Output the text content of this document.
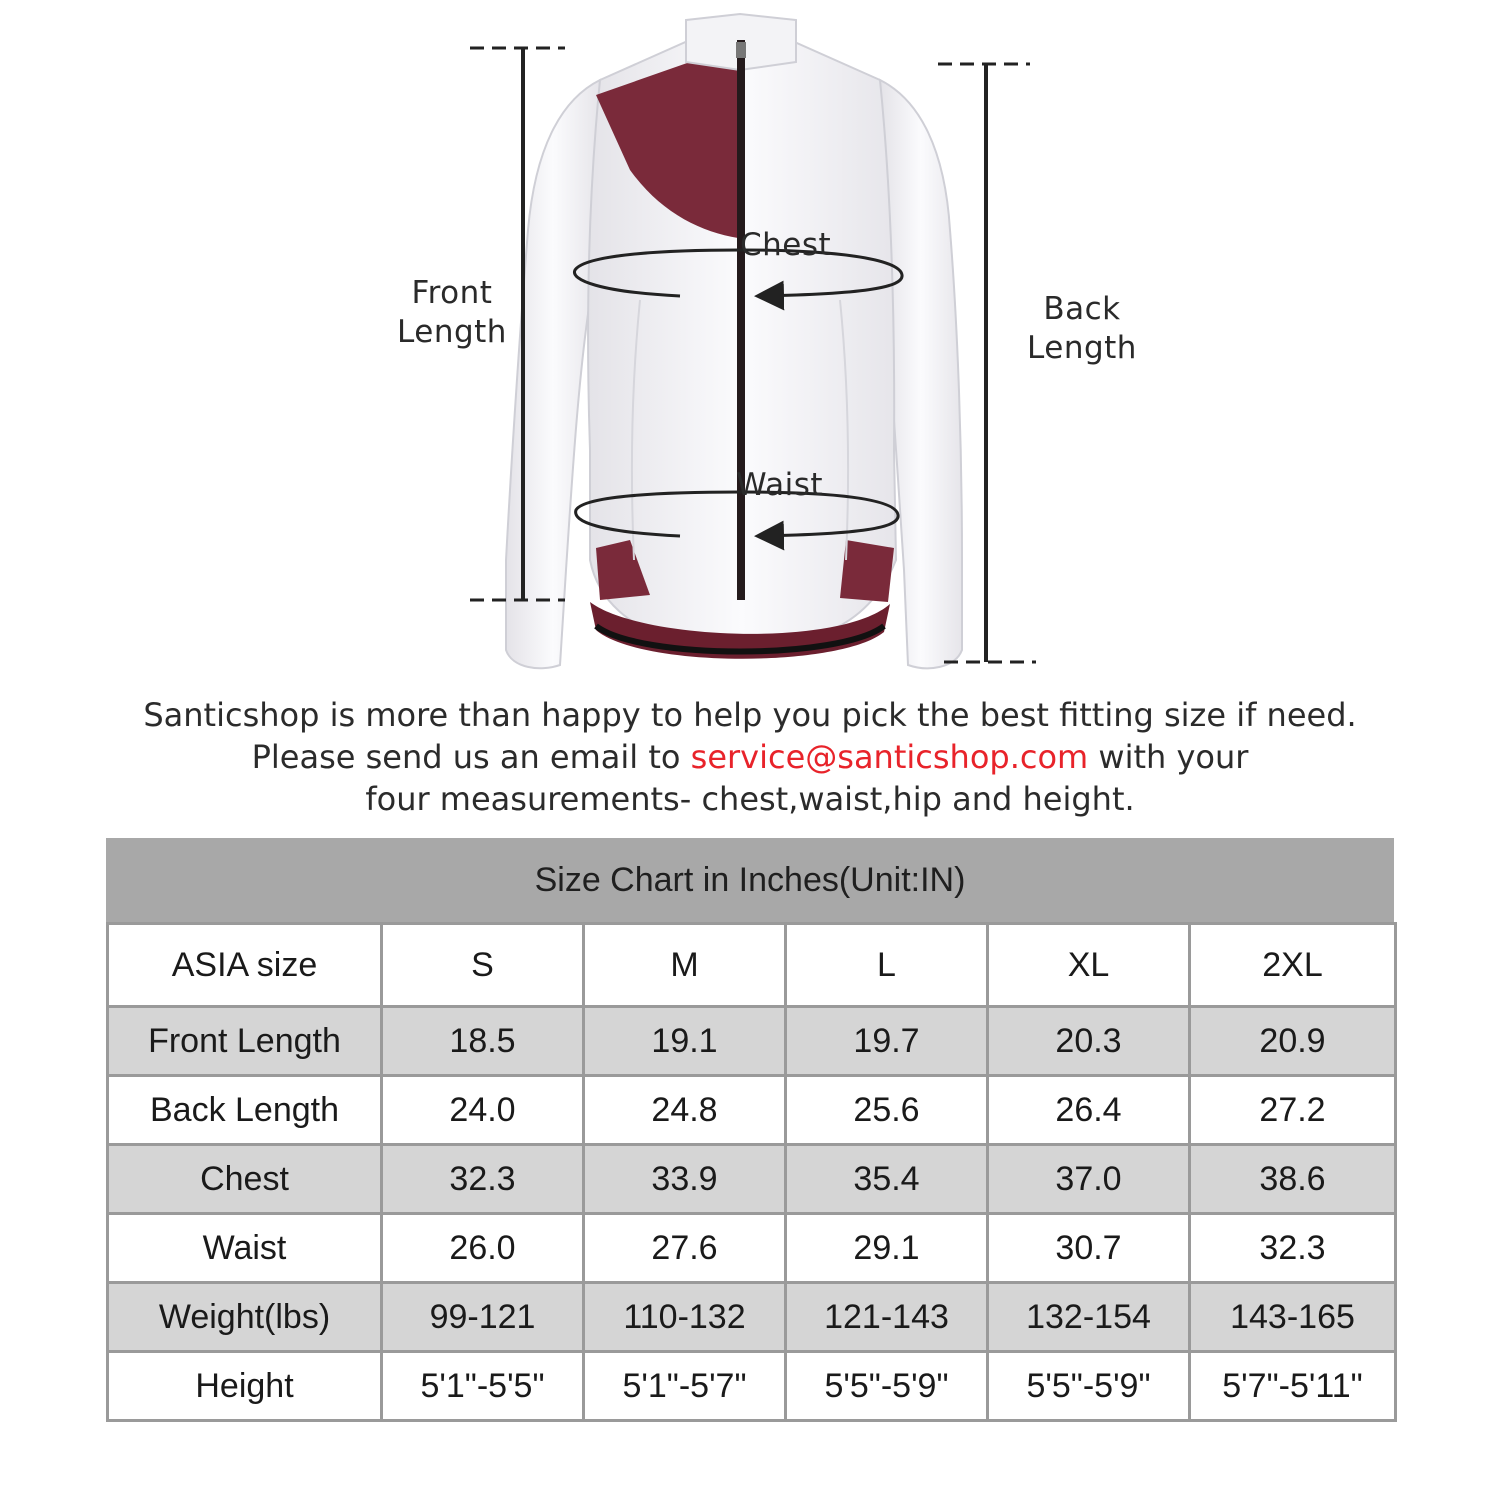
Front
Length
Back
Length
Chest
Waist
Santicshop is more than happy to help you pick the best fitting size if need.
Please send us an email to service@santicshop.com with your
four measurements- chest,waist,hip and height.
Size Chart in Inches(Unit:IN)
ASIA size	S	M	L	XL	2XL
Front Length	18.5	19.1	19.7	20.3	20.9
Back Length	24.0	24.8	25.6	26.4	27.2
Chest	32.3	33.9	35.4	37.0	38.6
Waist	26.0	27.6	29.1	30.7	32.3
Weight(lbs)	99-121	110-132	121-143	132-154	143-165
Height	5'1"-5'5"	5'1"-5'7"	5'5"-5'9"	5'5"-5'9"	5'7"-5'11"
